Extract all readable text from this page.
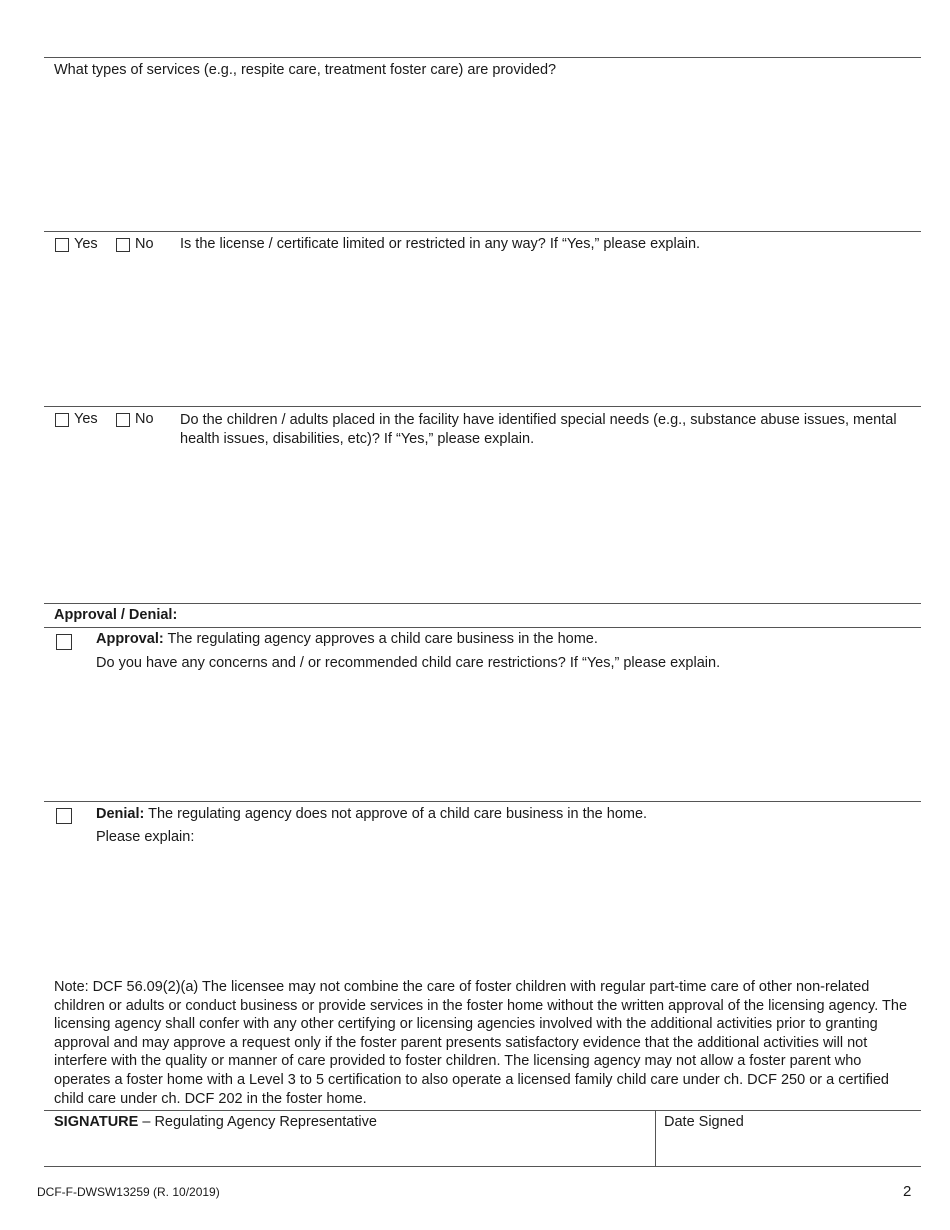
What types of services (e.g., respite care, treatment foster care) are provided?
Yes	No Is the license / certificate limited or restricted in any way? If “Yes,” please explain.
Yes	No Do the children / adults placed in the facility have identified special needs (e.g., substance abuse issues, mental health issues, disabilities, etc)? If “Yes,” please explain.
Approval / Denial:
Approval: The regulating agency approves a child care business in the home.
Do you have any concerns and / or recommended child care restrictions? If “Yes,” please explain.
Denial: The regulating agency does not approve of a child care business in the home.
Please explain:
Note: DCF 56.09(2)(a) The licensee may not combine the care of foster children with regular part-time care of other non-related children or adults or conduct business or provide services in the foster home without the written approval of the licensing agency. The licensing agency shall confer with any other certifying or licensing agencies involved with the additional activities prior to granting approval and may approve a request only if the foster parent presents satisfactory evidence that the additional activities will not interfere with the quality or manner of care provided to foster children. The licensing agency may not allow a foster parent who operates a foster home with a Level 3 to 5 certification to also operate a licensed family child care under ch. DCF 250 or a certified child care under ch. DCF 202 in the foster home.
SIGNATURE – Regulating Agency Representative	Date Signed
DCF-F-DWSW13259 (R. 10/2019)	2
